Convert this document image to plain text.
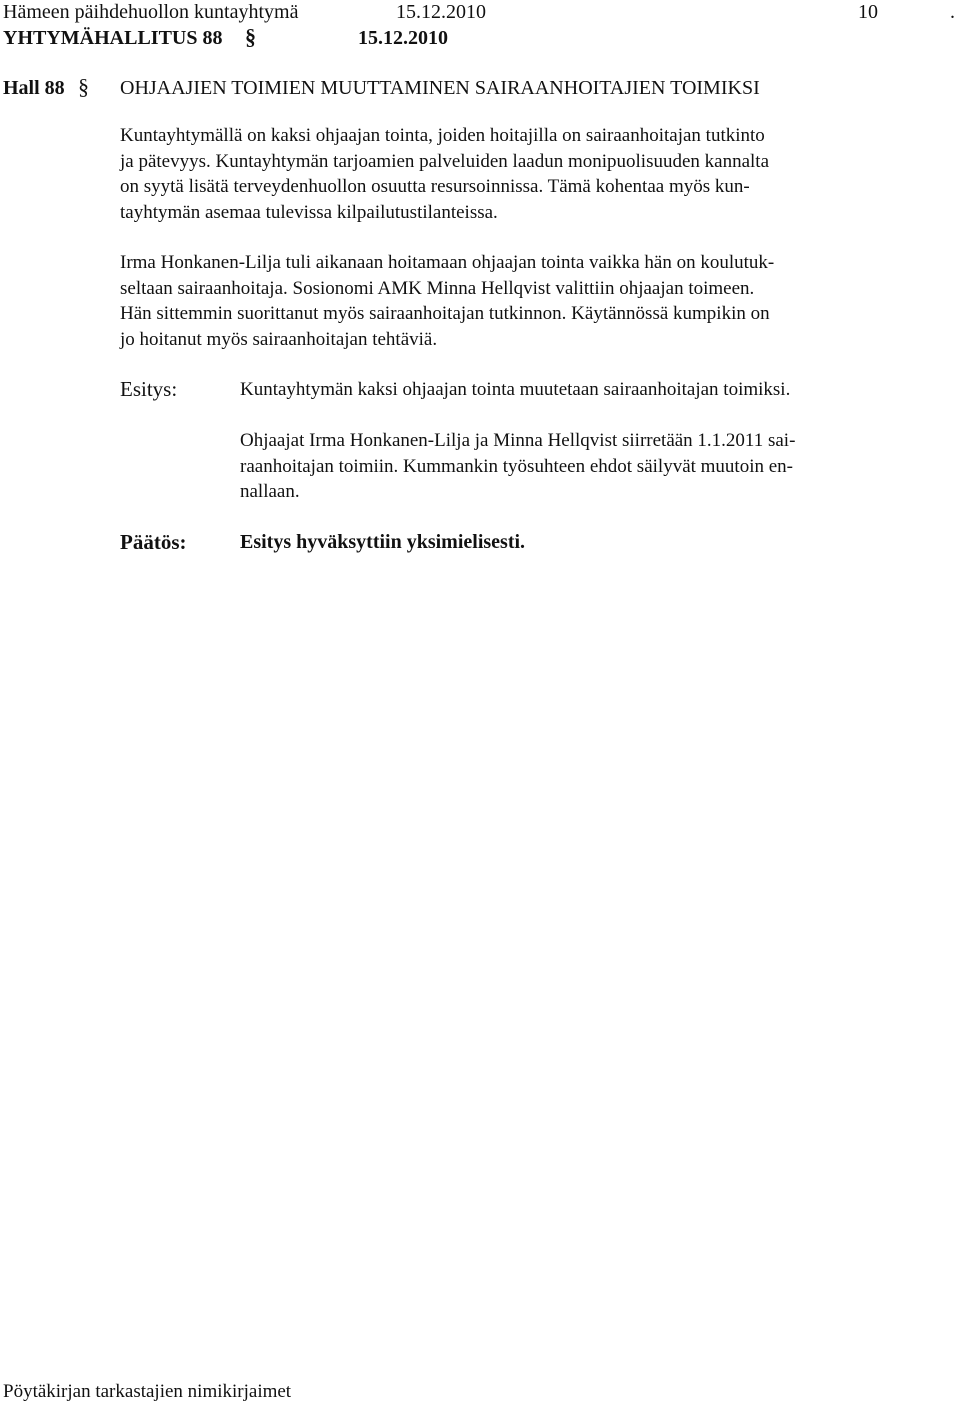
Hämeen päihdehuollon kuntayhtymä	15.12.2010	10	.
YHTYMÄHALLITUS 88 §	15.12.2010
Hall 88 § OHJAAJIEN TOIMIEN MUUTTAMINEN SAIRAANHOITAJIEN TOIMIKSI
Kuntayhtymällä on kaksi ohjaajan tointa, joiden hoitajilla on sairaanhoitajan tutkinto
ja pätevyys. Kuntayhtymän tarjoamien palveluiden laadun monipuolisuuden kannalta
on syytä lisätä terveydenhuollon osuutta resursoinnissa. Tämä kohentaa myös kun-
tayhtymän asemaa tulevissa kilpailutustilanteissa.
Irma Honkanen-Lilja tuli aikanaan hoitamaan ohjaajan tointa vaikka hän on koulutuk-
seltaan sairaanhoitaja. Sosionomi AMK Minna Hellqvist valittiin ohjaajan toimeen.
Hän sittemmin suorittanut myös sairaanhoitajan tutkinnon. Käytännössä kumpikin on
jo hoitanut myös sairaanhoitajan tehtäviä.
Esitys:	Kuntayhtymän kaksi ohjaajan tointa muutetaan sairaanhoitajan toimiksi.
Ohjaajat Irma Honkanen-Lilja ja Minna Hellqvist siirretään 1.1.2011 sai-
raanhoitajan toimiin. Kummankin työsuhteen ehdot säilyvät muutoin en-
nallaan.
Päätös:	Esitys hyväksyttiin yksimielisesti.
Pöytäkirjan tarkastajien nimikirjaimet
